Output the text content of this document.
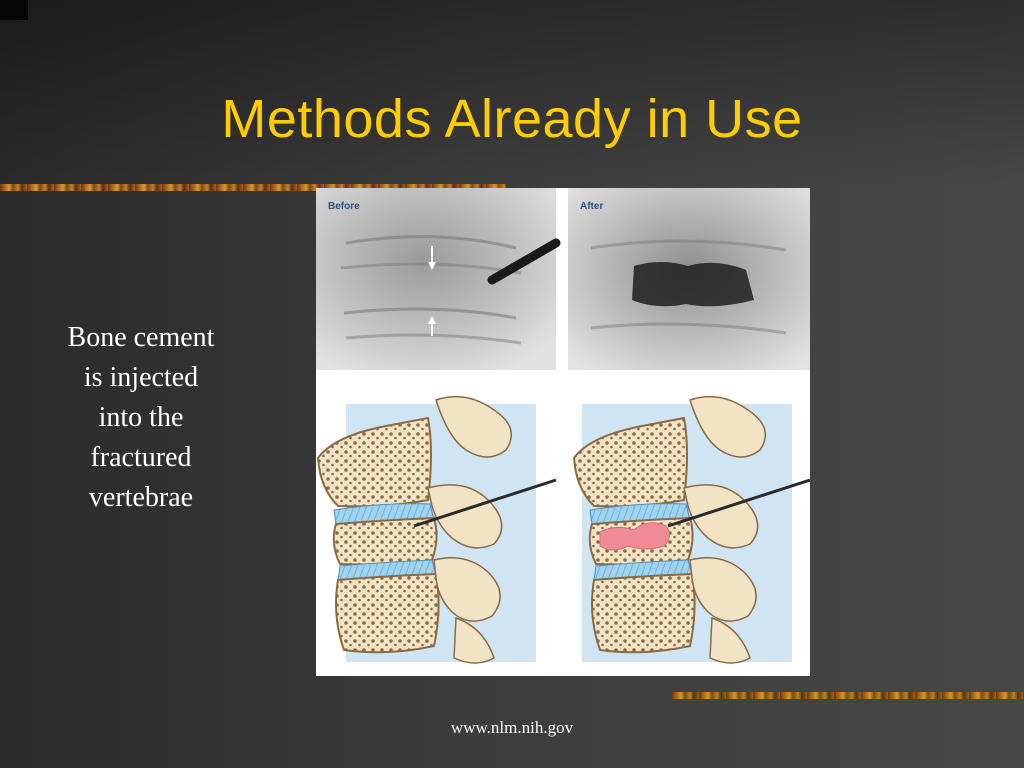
Methods Already in Use
Bone cement
is injected
into the
fractured
vertebrae
Before	After
www.nlm.nih.gov
